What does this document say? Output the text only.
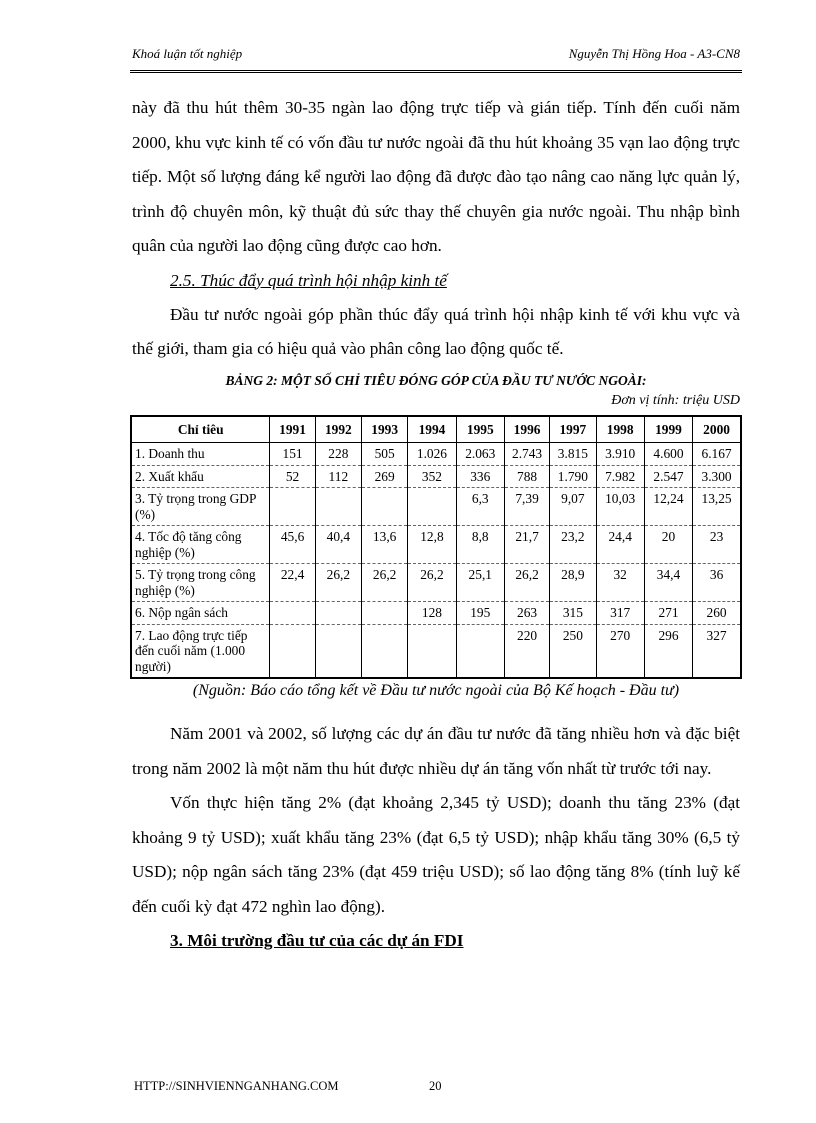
Khoá luận tốt nghiệp	Nguyễn Thị Hồng Hoa - A3-CN8

này đã thu hút thêm 30-35 ngàn lao động trực tiếp và gián tiếp. Tính đến cuối năm 2000, khu vực kinh tế có vốn đầu tư nước ngoài đã thu hút khoảng 35 vạn lao động trực tiếp. Một số lượng đáng kể người lao động đã được đào tạo nâng cao năng lực quản lý, trình độ chuyên môn, kỹ thuật đủ sức thay thế chuyên gia nước ngoài. Thu nhập bình quân của người lao động cũng được cao hơn.

2.5. Thúc đẩy quá trình hội nhập kinh tế

Đầu tư nước ngoài góp phần thúc đẩy quá trình hội nhập kinh tế với khu vực và thế giới, tham gia có hiệu quả vào phân công lao động quốc tế.

BẢNG 2: MỘT SỐ CHỈ TIÊU ĐÓNG GÓP CỦA ĐẦU TƯ NƯỚC NGOÀI:
Đơn vị tính: triệu USD
Chỉ tiêu	1991	1992	1993	1994	1995	1996	1997	1998	1999	2000
1. Doanh thu	151	228	505	1.026	2.063	2.743	3.815	3.910	4.600	6.167
2. Xuất khẩu	52	112	269	352	336	788	1.790	7.982	2.547	3.300
3. Tỷ trọng trong GDP (%)					6,3	7,39	9,07	10,03	12,24	13,25
4. Tốc độ tăng công nghiệp (%)	45,6	40,4	13,6	12,8	8,8	21,7	23,2	24,4	20	23
5. Tỷ trọng trong công nghiệp (%)	22,4	26,2	26,2	26,2	25,1	26,2	28,9	32	34,4	36
6. Nộp ngân sách				128	195	263	315	317	271	260
7. Lao động trực tiếp đến cuối năm (1.000 người)						220	250	270	296	327
(Nguồn: Báo cáo tổng kết về Đầu tư nước ngoài của Bộ Kế hoạch - Đầu tư)

Năm 2001 và 2002, số lượng các dự án đầu tư nước đã tăng nhiều hơn và đặc biệt trong năm 2002 là một năm thu hút được nhiều dự án tăng vốn nhất từ trước tới nay.

Vốn thực hiện tăng 2% (đạt khoảng 2,345 tỷ USD); doanh thu tăng 23% (đạt khoảng 9 tỷ USD); xuất khẩu tăng 23% (đạt 6,5 tỷ USD); nhập khẩu tăng 30% (6,5 tỷ USD); nộp ngân sách tăng 23% (đạt 459 triệu USD); số lao động tăng 8% (tính luỹ kế đến cuối kỳ đạt 472 nghìn lao động).

3. Môi trường đầu tư của các dự án FDI

HTTP://SINHVIENNGANHANG.COM	20
